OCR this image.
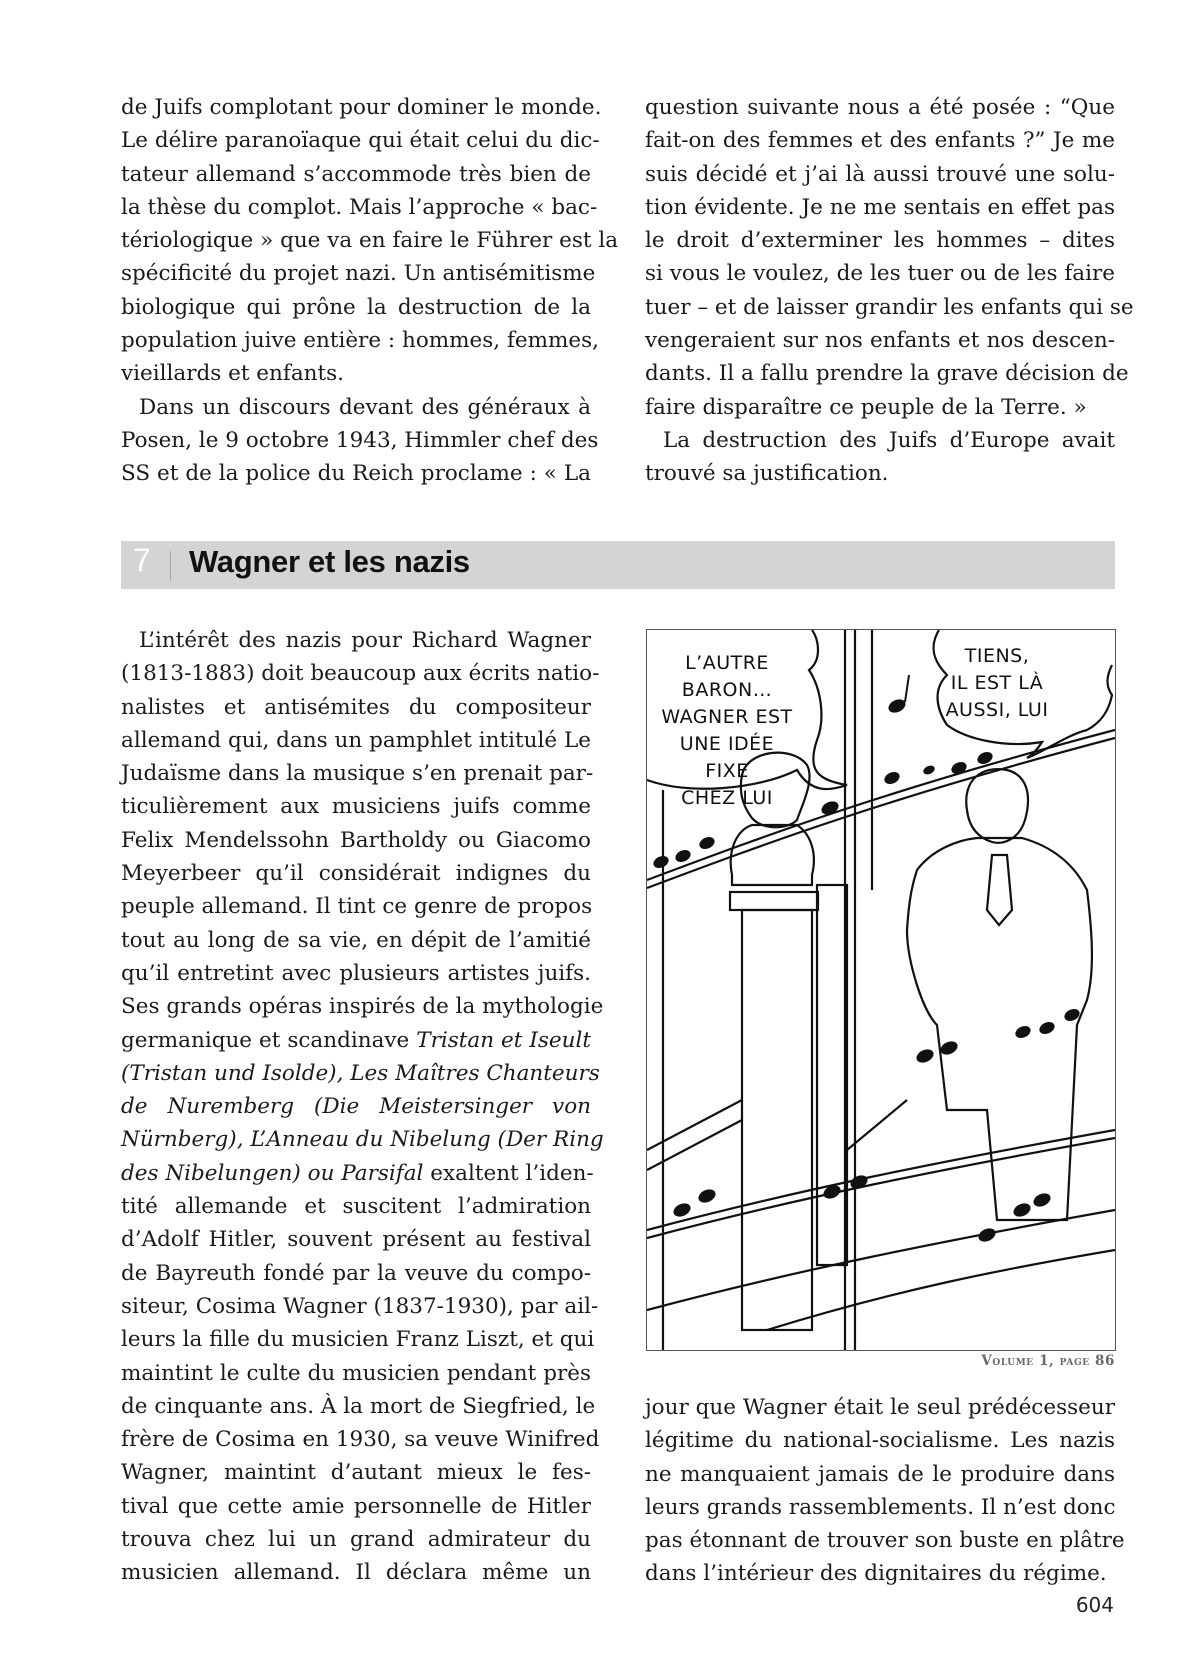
de Juifs complotant pour dominer le monde.
Le délire paranoïaque qui était celui du dic-
tateur allemand s’accommode très bien de
la thèse du complot. Mais l’approche « bac-
tériologique » que va en faire le Führer est la
spécificité du projet nazi. Un antisémitisme
biologique qui prône la destruction de la
population juive entière : hommes, femmes,
vieillards et enfants.

Dans un discours devant des généraux à
Posen, le 9 octobre 1943, Himmler chef des
SS et de la police du Reich proclame : « La

question suivante nous a été posée : “Que
fait-on des femmes et des enfants ?” Je me
suis décidé et j’ai là aussi trouvé une solu-
tion évidente. Je ne me sentais en effet pas
le droit d’exterminer les hommes – dites
si vous le voulez, de les tuer ou de les faire
tuer – et de laisser grandir les enfants qui se
vengeraient sur nos enfants et nos descen-
dants. Il a fallu prendre la grave décision de
faire disparaître ce peuple de la Terre. »

La destruction des Juifs d’Europe avait
trouvé sa justification.

7 Wagner et les nazis
L’intérêt des nazis pour Richard Wagner
(1813-1883) doit beaucoup aux écrits natio-
nalistes et antisémites du compositeur
allemand qui, dans un pamphlet intitulé Le
Judaïsme dans la musique s’en prenait par-
ticulièrement aux musiciens juifs comme
Felix Mendelssohn Bartholdy ou Giacomo
Meyerbeer qu’il considérait indignes du
peuple allemand. Il tint ce genre de propos
tout au long de sa vie, en dépit de l’amitié
qu’il entretint avec plusieurs artistes juifs.
Ses grands opéras inspirés de la mythologie
germanique et scandinave Tristan et Iseult
(Tristan und Isolde), Les Maîtres Chanteurs
de Nuremberg (Die Meistersinger von
Nürnberg), L’Anneau du Nibelung (Der Ring
des Nibelungen) ou Parsifal exaltent l’iden-
tité allemande et suscitent l’admiration
d’Adolf Hitler, souvent présent au festival
de Bayreuth fondé par la veuve du compo-
siteur, Cosima Wagner (1837-1930), par ail-
leurs la fille du musicien Franz Liszt, et qui
maintint le culte du musicien pendant près
de cinquante ans. À la mort de Siegfried, le
frère de Cosima en 1930, sa veuve Winifred
Wagner, maintint d’autant mieux le fes-
tival que cette amie personnelle de Hitler
trouva chez lui un grand admirateur du
musicien allemand. Il déclara même un
L’AUTRE
BARON…
WAGNER EST
UNE IDÉE FIXE
CHEZ LUI
TIENS,
IL EST LÀ
AUSSI, LUI
Volume 1, page 86
jour que Wagner était le seul prédécesseur
légitime du national-socialisme. Les nazis
ne manquaient jamais de le produire dans
leurs grands rassemblements. Il n’est donc
pas étonnant de trouver son buste en plâtre
dans l’intérieur des dignitaires du régime.
604
